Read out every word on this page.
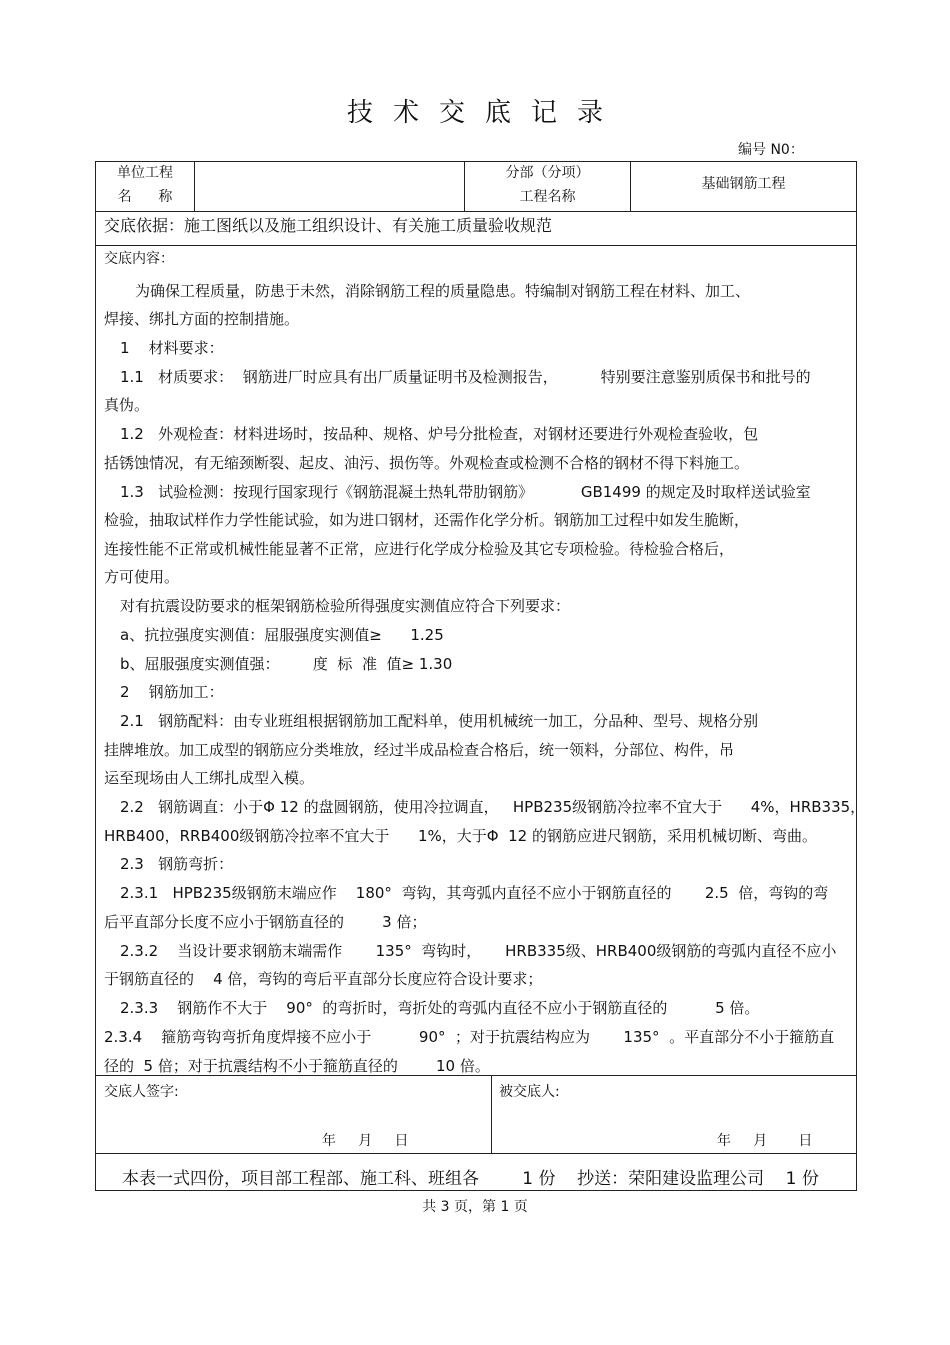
技术交底记录
编号 N0：
单位工程
名      称
分部（分项）
工程名称
基础钢筋工程
交底依据：施工图纸以及施工组织设计、有关施工质量验收规范
交底内容：
为确保工程质量，防患于未然，消除钢筋工程的质量隐患。特编制对钢筋工程在材料、加工、
焊接、绑扎方面的控制措施。
1    材料要求：
1.1   材质要求：  钢筋进厂时应具有出厂质量证明书及检测报告，         特别要注意鉴别质保书和批号的
真伪。
1.2   外观检查：材料进场时，按品种、规格、炉号分批检查，对钢材还要进行外观检查验收，包
括锈蚀情况，有无缩颈断裂、起皮、油污、损伤等。外观检查或检测不合格的钢材不得下料施工。
1.3   试验检测：按现行国家现行《钢筋混凝土热轧带肋钢筋》          GB1499 的规定及时取样送试验室
检验，抽取试样作力学性能试验，如为进口钢材，还需作化学分析。钢筋加工过程中如发生脆断，
连接性能不正常或机械性能显著不正常，应进行化学成分检验及其它专项检验。待检验合格后，
方可使用。
对有抗震设防要求的框架钢筋检验所得强度实测值应符合下列要求：
a、抗拉强度实测值：屈服强度实测值≥      1.25
b、屈服强度实测值强：       度  标  准  值≥ 1.30
2    钢筋加工：
2.1   钢筋配料：由专业班组根据钢筋加工配料单，使用机械统一加工，分品种、型号、规格分别
挂牌堆放。加工成型的钢筋应分类堆放，经过半成品检查合格后，统一领料，分部位、构件，吊
运至现场由人工绑扎成型入模。
2.2   钢筋调直：小于Φ 12 的盘圆钢筋，使用冷拉调直，   HPB235级钢筋冷拉率不宜大于      4%，HRB335，
HRB400，RRB400级钢筋冷拉率不宜大于      1%，大于Φ  12 的钢筋应进尺钢筋，采用机械切断、弯曲。
2.3   钢筋弯折：
2.3.1   HPB235级钢筋末端应作    180°  弯钩，其弯弧内直径不应小于钢筋直径的       2.5  倍，弯钩的弯
后平直部分长度不应小于钢筋直径的        3 倍；
2.3.2    当设计要求钢筋末端需作       135°  弯钩时，     HRB335级、HRB400级钢筋的弯弧内直径不应小
于钢筋直径的    4 倍，弯钩的弯后平直部分长度应符合设计要求；
2.3.3    钢筋作不大于    90°  的弯折时，弯折处的弯弧内直径不应小于钢筋直径的          5 倍。
2.3.4    箍筋弯钩弯折角度焊接不应小于          90°  ；对于抗震结构应为       135°  。平直部分不小于箍筋直
径的  5 倍；对于抗震结构不小于箍筋直径的        10 倍。
交底人签字:	被交底人:
年     月     日	年     月       日
本表一式四份，项目部工程部、施工科、班组各        1 份    抄送：荣阳建设监理公司    1 份
共 3 页，第 1 页
